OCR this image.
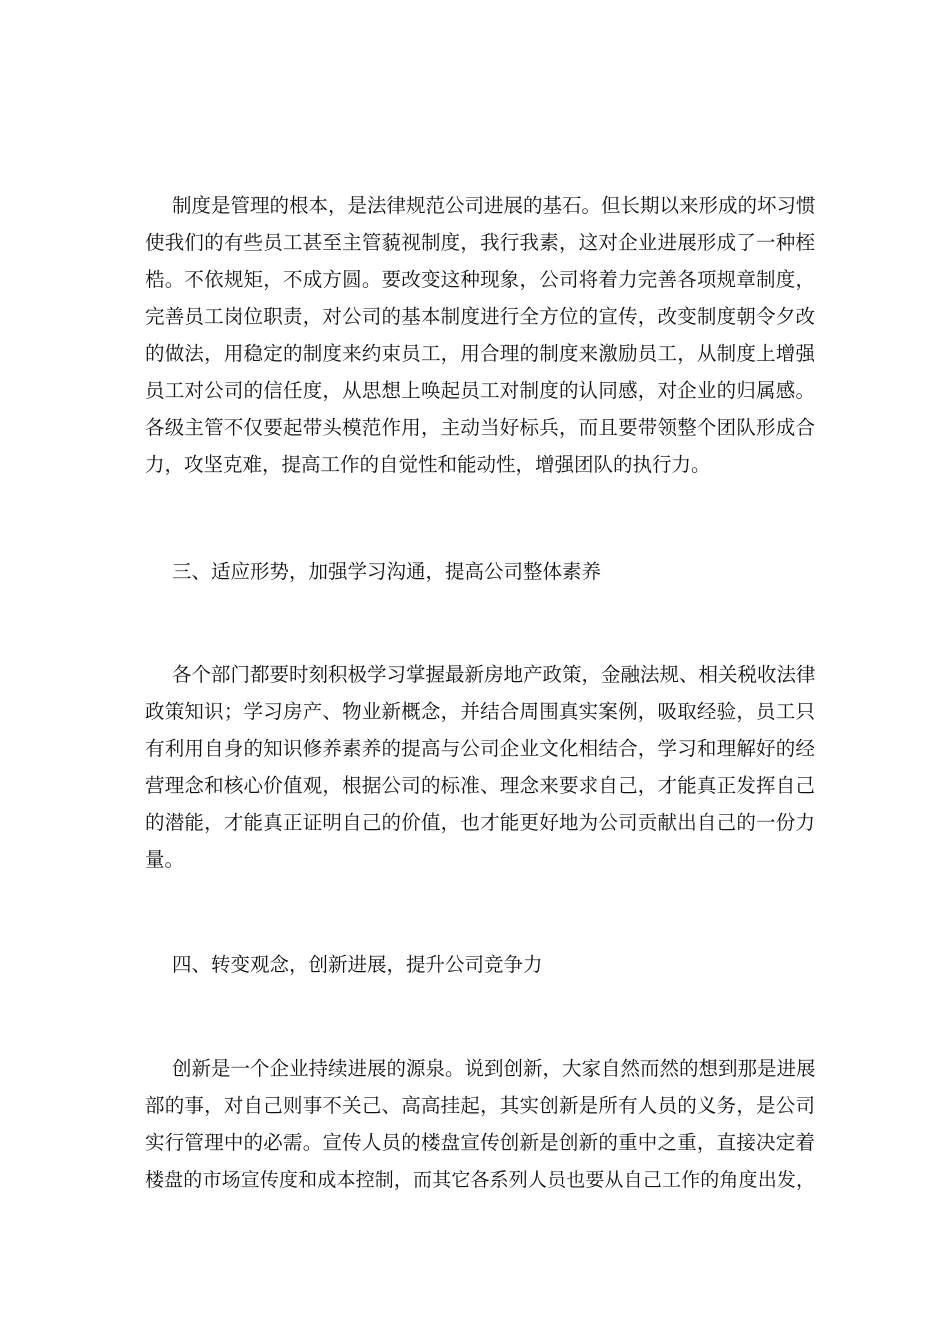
制度是管理的根本，是法律规范公司进展的基石。但长期以来形成的坏习惯
使我们的有些员工甚至主管藐视制度，我行我素，这对企业进展形成了一种桎
梏。不依规矩，不成方圆。要改变这种现象，公司将着力完善各项规章制度，
完善员工岗位职责，对公司的基本制度进行全方位的宣传，改变制度朝令夕改
的做法，用稳定的制度来约束员工，用合理的制度来激励员工，从制度上增强
员工对公司的信任度，从思想上唤起员工对制度的认同感，对企业的归属感。
各级主管不仅要起带头模范作用，主动当好标兵，而且要带领整个团队形成合
力，攻坚克难，提高工作的自觉性和能动性，增强团队的执行力。
三、适应形势，加强学习沟通，提高公司整体素养
各个部门都要时刻积极学习掌握最新房地产政策，金融法规、相关税收法律
政策知识；学习房产、物业新概念，并结合周围真实案例，吸取经验，员工只
有利用自身的知识修养素养的提高与公司企业文化相结合，学习和理解好的经
营理念和核心价值观，根据公司的标准、理念来要求自己，才能真正发挥自己
的潜能，才能真正证明自己的价值，也才能更好地为公司贡献出自己的一份力
量。
四、转变观念，创新进展，提升公司竞争力
创新是一个企业持续进展的源泉。说到创新，大家自然而然的想到那是进展
部的事，对自己则事不关己、高高挂起，其实创新是所有人员的义务，是公司
实行管理中的必需。宣传人员的楼盘宣传创新是创新的重中之重，直接决定着
楼盘的市场宣传度和成本控制，而其它各系列人员也要从自己工作的角度出发，
